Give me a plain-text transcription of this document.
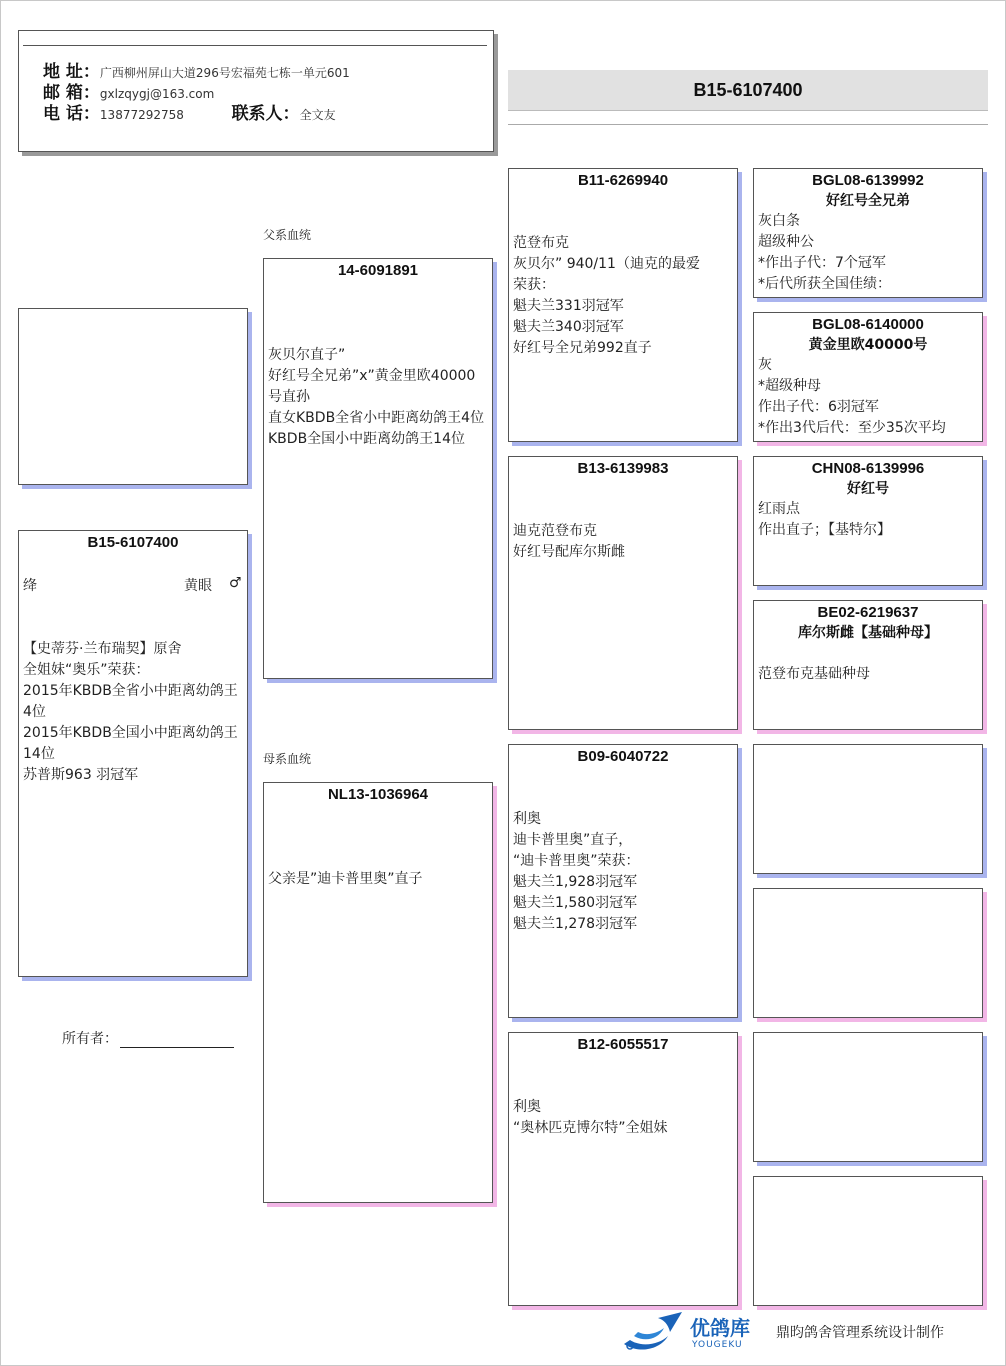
地 址：广西柳州屏山大道296号宏福苑七栋一单元601
邮 箱：gxlzqygj@163.com
电 话：13877292758	联系人：全文友
B15-6107400
B15-6107400
绛	黄眼 ♂
【史蒂芬·兰布瑞契】原舍
全姐妹“奥乐”荣获：
2015年KBDB全省小中距离幼鸽王4位
2015年KBDB全国小中距离幼鸽王14位
苏普斯963 羽冠军
所有者：
父系血统
母系血统
14-6091891
灰贝尔直子”
好红号全兄弟”x”黄金里欧40000号直孙
直女KBDB全省小中距离幼鸽王4位
KBDB全国小中距离幼鸽王14位
NL13-1036964
父亲是”迪卡普里奥”直子
B11-6269940
范登布克
灰贝尔” 940/11（迪克的最爱
荣获：
魁夫兰331羽冠军
魁夫兰340羽冠军
好红号全兄弟992直子
B13-6139983
迪克范登布克
好红号配库尔斯雌
B09-6040722
利奥
迪卡普里奥”直子，
“迪卡普里奥”荣获：
魁夫兰1,928羽冠军
魁夫兰1,580羽冠军
魁夫兰1,278羽冠军
B12-6055517
利奥
“奥林匹克博尔特”全姐妹
BGL08-6139992
好红号全兄弟
灰白条
超级种公
*作出子代：7个冠军
*后代所获全国佳绩：
BGL08-6140000
黄金里欧40000号
灰
*超级种母
作出子代：6羽冠军
*作出3代后代：至少35次平均
CHN08-6139996
好红号
红雨点
作出直子；【基特尔】
BE02-6219637
库尔斯雌【基础种母】

范登布克基础种母
优鸽库
YOUGEKU
鼎昀鸽舍管理系统设计制作
